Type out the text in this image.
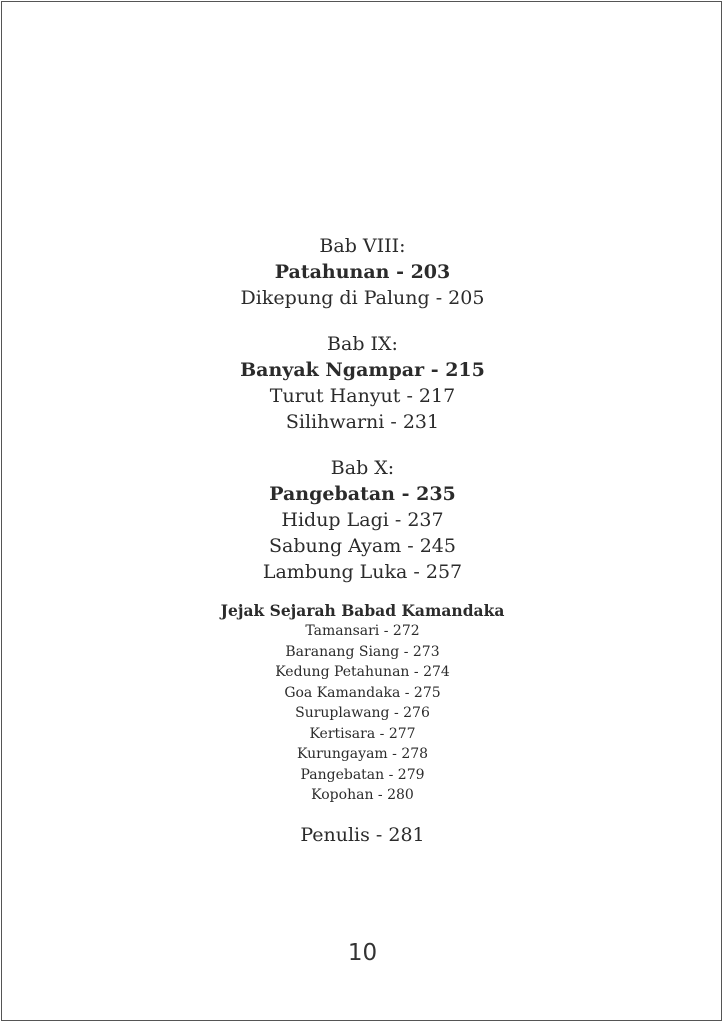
Bab VIII:
Patahunan - 203
Dikepung di Palung - 205
Bab IX:
Banyak Ngampar - 215
Turut Hanyut - 217
Silihwarni - 231
Bab X:
Pangebatan - 235
Hidup Lagi - 237
Sabung Ayam - 245
Lambung Luka - 257
Jejak Sejarah Babad Kamandaka
Tamansari - 272
Baranang Siang - 273
Kedung Petahunan - 274
Goa Kamandaka - 275
Suruplawang - 276
Kertisara - 277
Kurungayam - 278
Pangebatan - 279
Kopohan - 280
Penulis - 281
10
